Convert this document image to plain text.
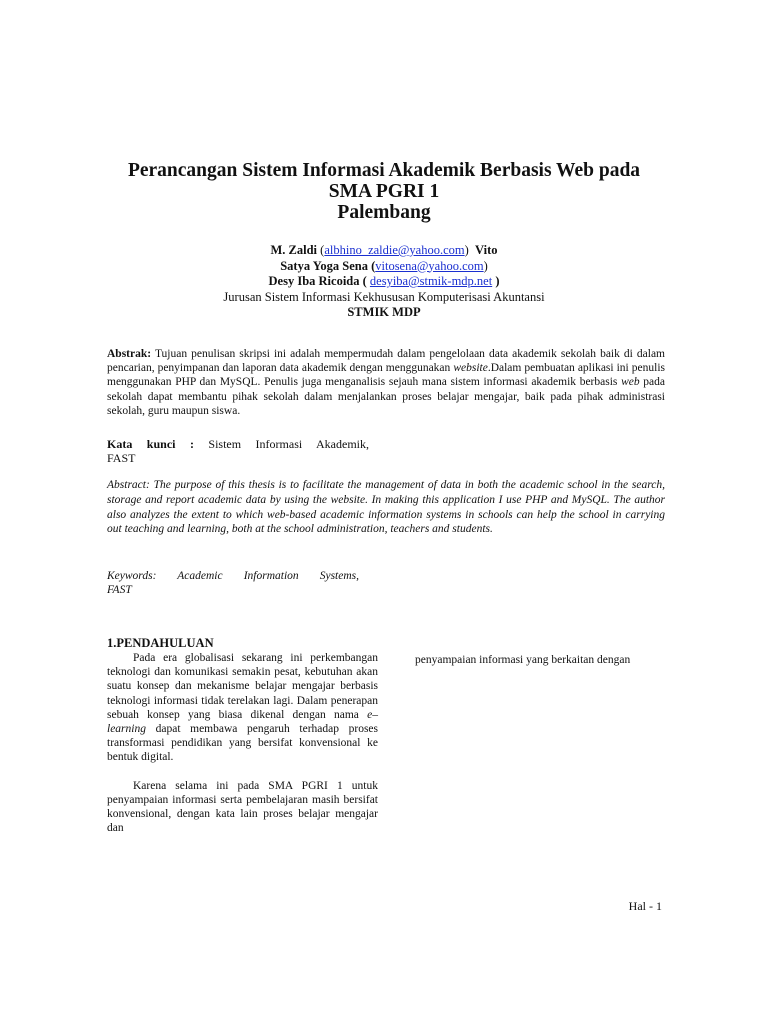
Perancangan Sistem Informasi Akademik Berbasis Web pada
SMA PGRI 1
Palembang
M. Zaldi (albhino_zaldie@yahoo.com)  Vito
Satya Yoga Sena (vitosena@yahoo.com)
Desy Iba Ricoida ( desyiba@stmik-mdp.net )
Jurusan Sistem Informasi Kekhususan Komputerisasi Akuntansi
STMIK MDP

Abstrak: Tujuan penulisan skripsi ini adalah mempermudah dalam pengelolaan data akademik sekolah baik di dalam pencarian, penyimpanan dan laporan data akademik dengan menggunakan website.Dalam pembuatan aplikasi ini penulis menggunakan PHP dan MySQL. Penulis juga menganalisis sejauh mana sistem informasi akademik berbasis web pada sekolah dapat membantu pihak sekolah dalam menjalankan proses belajar mengajar, baik pada pihak administrasi sekolah, guru maupun siswa.

Kata kunci : Sistem Informasi Akademik,
FAST

Abstract: The purpose of this thesis is to facilitate the management of data in both the academic school in the search, storage and report academic data by using the website. In making this application I use PHP and MySQL. The author also analyzes the extent to which web-based academic information systems in schools can help the school in carrying out teaching and learning, both at the school administration, teachers and students.

Keywords: Academic Information Systems,
FAST

1.PENDAHULUAN

Pada era globalisasi sekarang ini perkembangan teknologi dan komunikasi semakin pesat, kebutuhan akan suatu konsep dan mekanisme belajar mengajar berbasis teknologi informasi tidak terelakan lagi. Dalam penerapan sebuah konsep yang biasa dikenal dengan nama e–learning dapat membawa pengaruh terhadap proses transformasi pendidikan yang bersifat konvensional ke bentuk digital.

Karena selama ini pada SMA PGRI 1 untuk penyampaian informasi serta pembelajaran masih bersifat konvensional, dengan kata lain proses belajar mengajar dan

penyampaian informasi yang berkaitan dengan

Hal - 1
